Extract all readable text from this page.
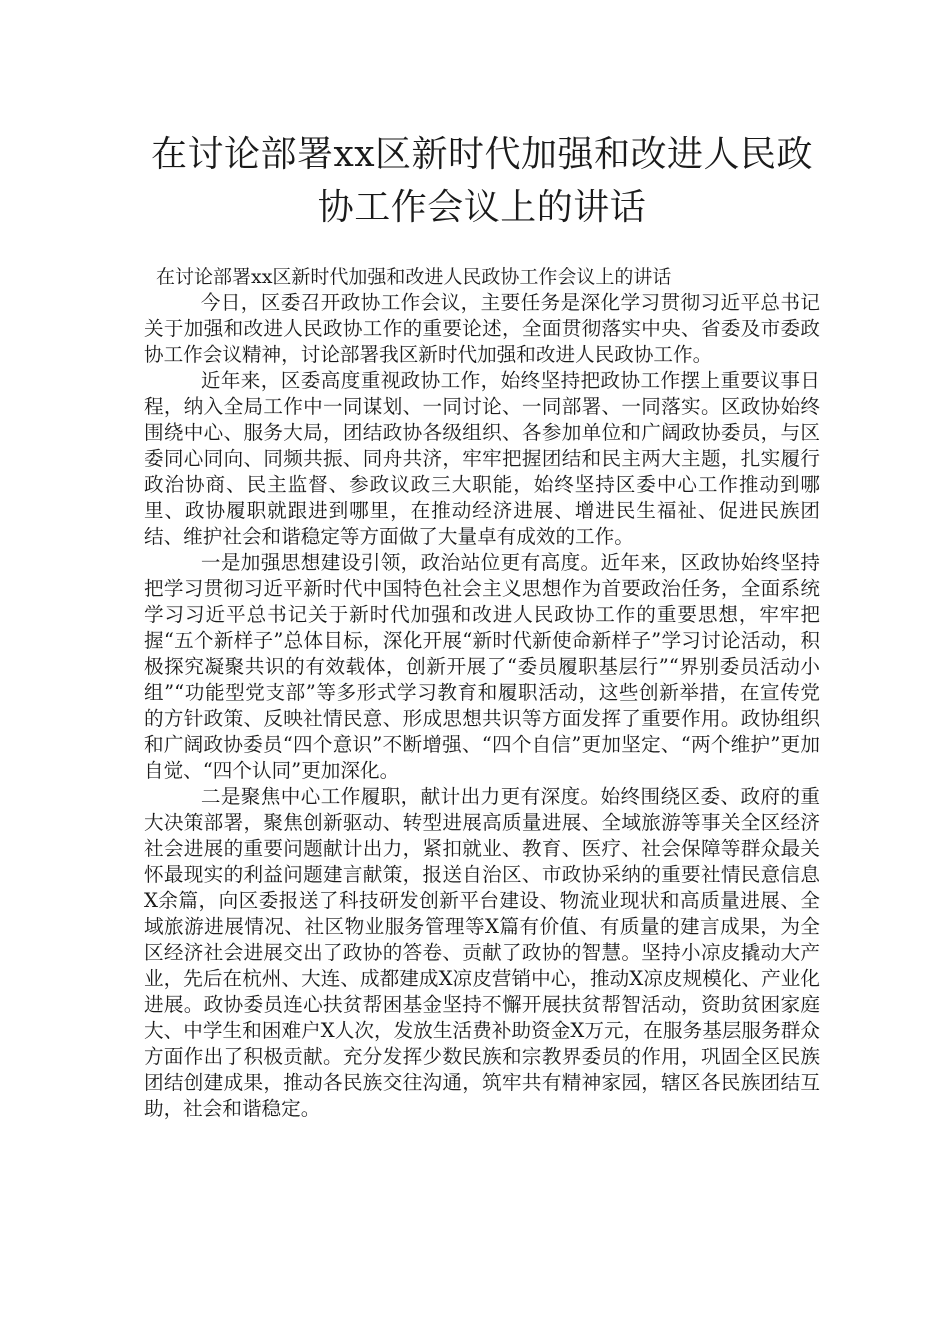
在讨论部署xx区新时代加强和改进人民政
协工作会议上的讲话
在讨论部署xx区新时代加强和改进人民政协工作会议上的讲话

今日，区委召开政协工作会议，主要任务是深化学习贯彻习近平总书记关于加强和改进人民政协工作的重要论述，全面贯彻落实中央、省委及市委政协工作会议精神，讨论部署我区新时代加强和改进人民政协工作。

近年来，区委高度重视政协工作，始终坚持把政协工作摆上重要议事日程，纳入全局工作中一同谋划、一同讨论、一同部署、一同落实。区政协始终围绕中心、服务大局，团结政协各级组织、各参加单位和广阔政协委员，与区委同心同向、同频共振、同舟共济，牢牢把握团结和民主两大主题，扎实履行政治协商、民主监督、参政议政三大职能，始终坚持区委中心工作推动到哪里、政协履职就跟进到哪里，在推动经济进展、增进民生福祉、促进民族团结、维护社会和谐稳定等方面做了大量卓有成效的工作。

一是加强思想建设引领，政治站位更有高度。近年来，区政协始终坚持把学习贯彻习近平新时代中国特色社会主义思想作为首要政治任务，全面系统学习习近平总书记关于新时代加强和改进人民政协工作的重要思想，牢牢把握“五个新样子”总体目标，深化开展“新时代新使命新样子”学习讨论活动，积极探究凝聚共识的有效载体，创新开展了“委员履职基层行”“界别委员活动小组”“功能型党支部”等多形式学习教育和履职活动，这些创新举措，在宣传党的方针政策、反映社情民意、形成思想共识等方面发挥了重要作用。政协组织和广阔政协委员“四个意识”不断增强、“四个自信”更加坚定、“两个维护”更加自觉、“四个认同”更加深化。

二是聚焦中心工作履职，献计出力更有深度。始终围绕区委、政府的重大决策部署，聚焦创新驱动、转型进展高质量进展、全域旅游等事关全区经济社会进展的重要问题献计出力，紧扣就业、教育、医疗、社会保障等群众最关怀最现实的利益问题建言献策，报送自治区、市政协采纳的重要社情民意信息X余篇，向区委报送了科技研发创新平台建设、物流业现状和高质量进展、全域旅游进展情况、社区物业服务管理等X篇有价值、有质量的建言成果，为全区经济社会进展交出了政协的答卷、贡献了政协的智慧。坚持小凉皮撬动大产业，先后在杭州、大连、成都建成X凉皮营销中心，推动X凉皮规模化、产业化进展。政协委员连心扶贫帮困基金坚持不懈开展扶贫帮智活动，资助贫困家庭大、中学生和困难户X人次，发放生活费补助资金X万元，在服务基层服务群众方面作出了积极贡献。充分发挥少数民族和宗教界委员的作用，巩固全区民族团结创建成果，推动各民族交往沟通，筑牢共有精神家园，辖区各民族团结互助，社会和谐稳定。
